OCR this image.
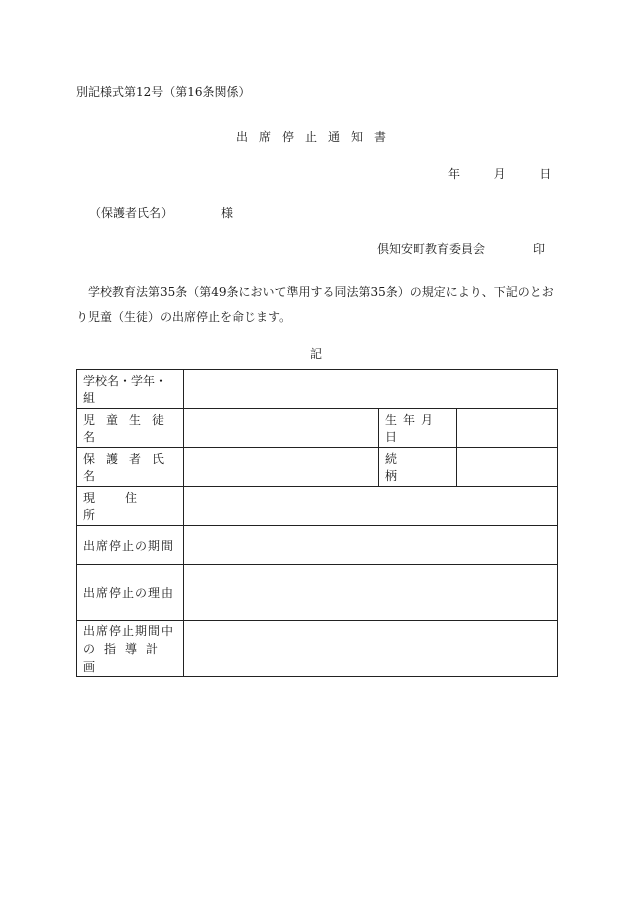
別記様式第12号（第16条関係）
出席停止通知書
年	月	日
（保護者氏名）	様
倶知安町教育委員会	印
学校教育法第35条（第49条において準用する同法第35条）の規定により、下記のとおり児童（生徒）の出席停止を命じます。
記
学校名・学年・組			

児童生徒名		生年月日	

保護者氏名		続柄	

現住所			

出席停止の期間			

出席停止の理由			

出席停止期間中
の指導計画			
